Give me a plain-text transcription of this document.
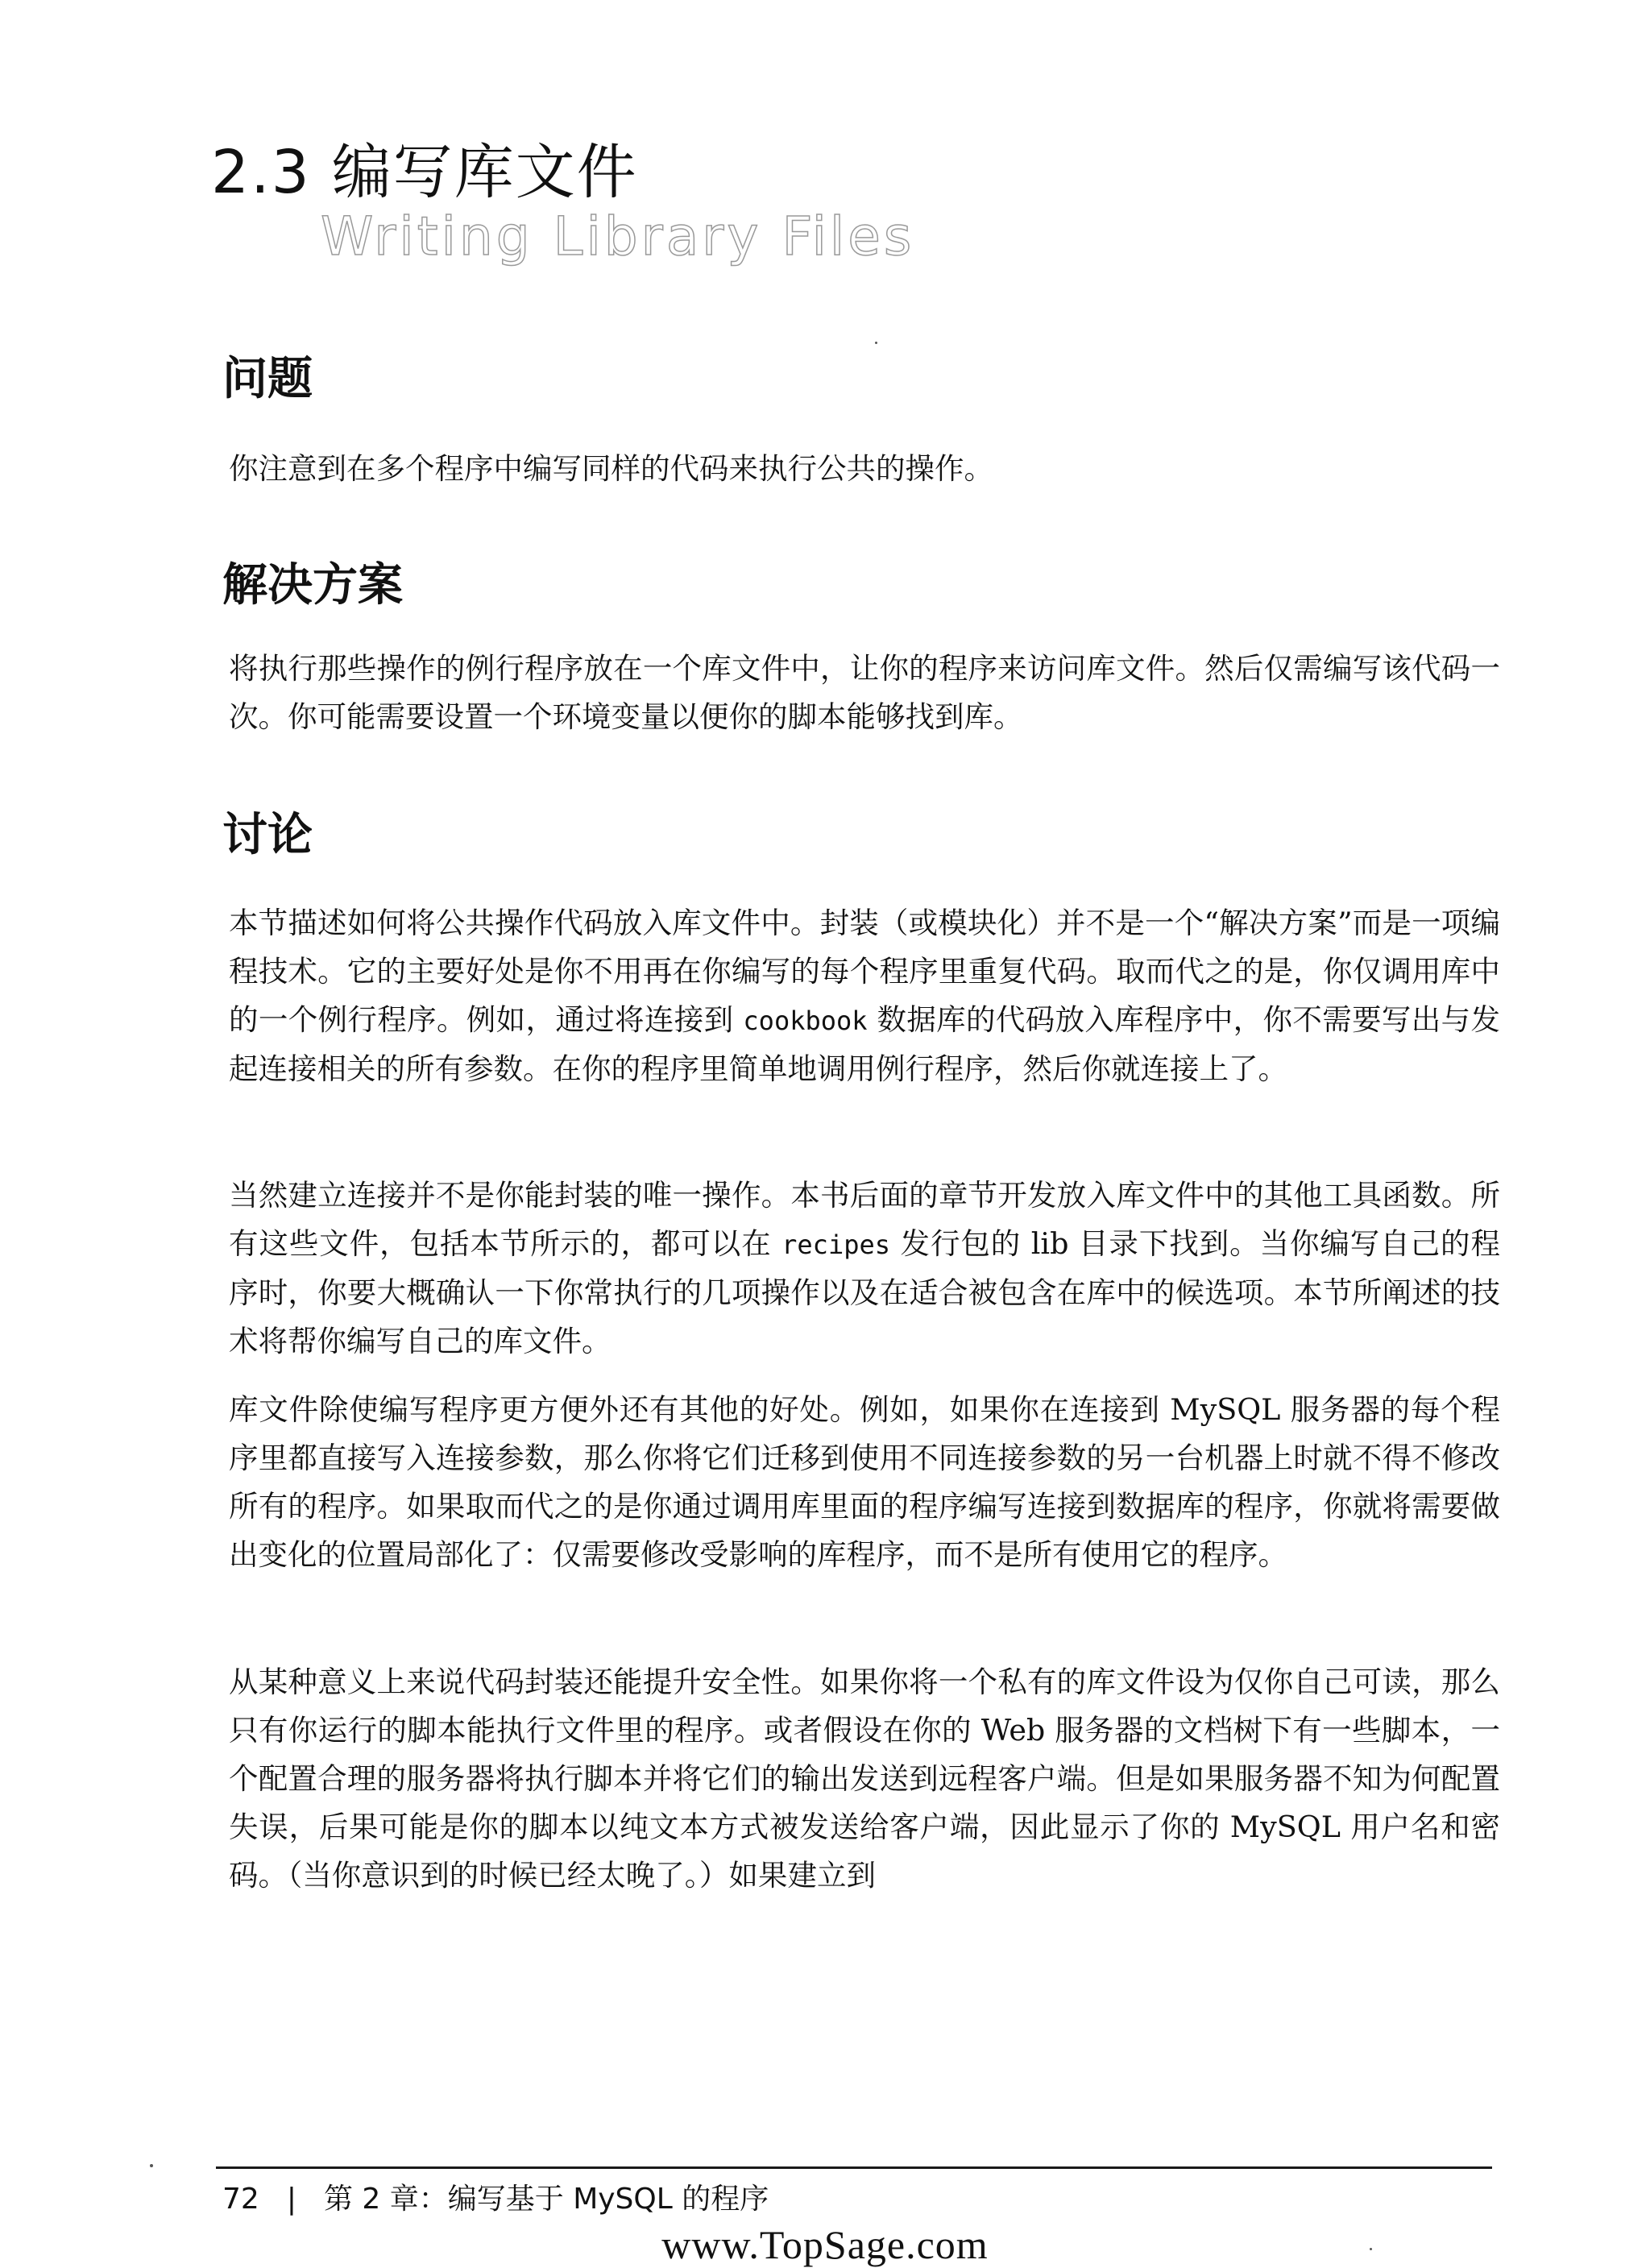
2.3 编写库文件
Writing Library Files
问题
你注意到在多个程序中编写同样的代码来执行公共的操作。
解决方案
将执行那些操作的例行程序放在一个库文件中，让你的程序来访问库文件。然后仅需编写该代码一次。你可能需要设置一个环境变量以便你的脚本能够找到库。
讨论
本节描述如何将公共操作代码放入库文件中。封装（或模块化）并不是一个“解决方案”而是一项编程技术。它的主要好处是你不用再在你编写的每个程序里重复代码。取而代之的是，你仅调用库中的一个例行程序。例如，通过将连接到 cookbook 数据库的代码放入库程序中，你不需要写出与发起连接相关的所有参数。在你的程序里简单地调用例行程序，然后你就连接上了。
当然建立连接并不是你能封装的唯一操作。本书后面的章节开发放入库文件中的其他工具函数。所有这些文件，包括本节所示的，都可以在 recipes 发行包的 lib 目录下找到。当你编写自己的程序时，你要大概确认一下你常执行的几项操作以及在适合被包含在库中的候选项。本节所阐述的技术将帮你编写自己的库文件。
库文件除使编写程序更方便外还有其他的好处。例如，如果你在连接到 MySQL 服务器的每个程序里都直接写入连接参数，那么你将它们迁移到使用不同连接参数的另一台机器上时就不得不修改所有的程序。如果取而代之的是你通过调用库里面的程序编写连接到数据库的程序，你就将需要做出变化的位置局部化了：仅需要修改受影响的库程序，而不是所有使用它的程序。
从某种意义上来说代码封装还能提升安全性。如果你将一个私有的库文件设为仅你自己可读，那么只有你运行的脚本能执行文件里的程序。或者假设在你的 Web 服务器的文档树下有一些脚本，一个配置合理的服务器将执行脚本并将它们的输出发送到远程客户端。但是如果服务器不知为何配置失误，后果可能是你的脚本以纯文本方式被发送给客户端，因此显示了你的 MySQL 用户名和密码。（当你意识到的时候已经太晚了。）如果建立到
72 | 第 2 章：编写基于 MySQL 的程序
www.TopSage.com
